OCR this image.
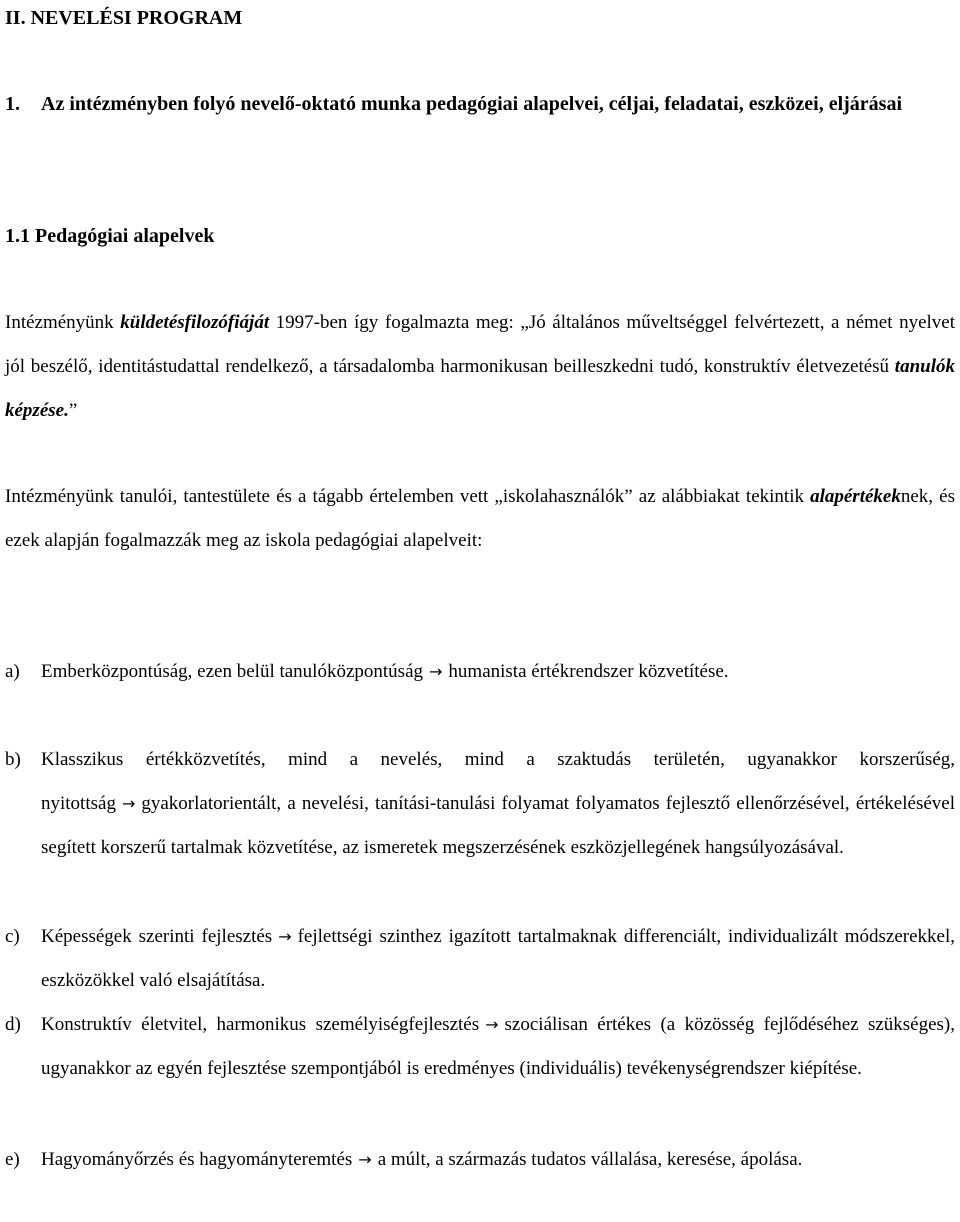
II. NEVELÉSI PROGRAM
1.	Az intézményben folyó nevelő-oktató munka pedagógiai alapelvei, céljai, feladatai, eszközei, eljárásai
1.1 Pedagógiai alapelvek

Intézményünk küldetésfilozófiáját 1997-ben így fogalmazta meg: „Jó általános műveltséggel felvértezett, a német nyelvet jól beszélő, identitástudattal rendelkező, a társadalomba harmonikusan beilleszkedni tudó, konstruktív életvezetésű tanulók képzése.”

Intézményünk tanulói, tantestülete és a tágabb értelemben vett „iskolahasználók” az alábbiakat tekintik alapértékeknek, és ezek alapján fogalmazzák meg az iskola pedagógiai alapelveit:

a)	Emberközpontúság, ezen belül tanulóközpontúság → humanista értékrendszer közvetítése.
b)	Klasszikus értékközvetítés, mind a nevelés, mind a szaktudás területén, ugyanakkor korszerűség, nyitottság → gyakorlatorientált, a nevelési, tanítási-tanulási folyamat folyamatos fejlesztő ellenőrzésével, értékelésével segített korszerű tartalmak közvetítése, az ismeretek megszerzésének eszközjellegének hangsúlyozásával.
c)	Képességek szerinti fejlesztés → fejlettségi szinthez igazított tartalmaknak differenciált, individualizált módszerekkel, eszközökkel való elsajátítása.
d)	Konstruktív életvitel, harmonikus személyiségfejlesztés → szociálisan értékes (a közösség fejlődéséhez szükséges), ugyanakkor az egyén fejlesztése szempontjából is eredményes (individuális) tevékenységrendszer kiépítése.
e)	Hagyományőrzés és hagyományteremtés → a múlt, a származás tudatos vállalása, keresése, ápolása.
